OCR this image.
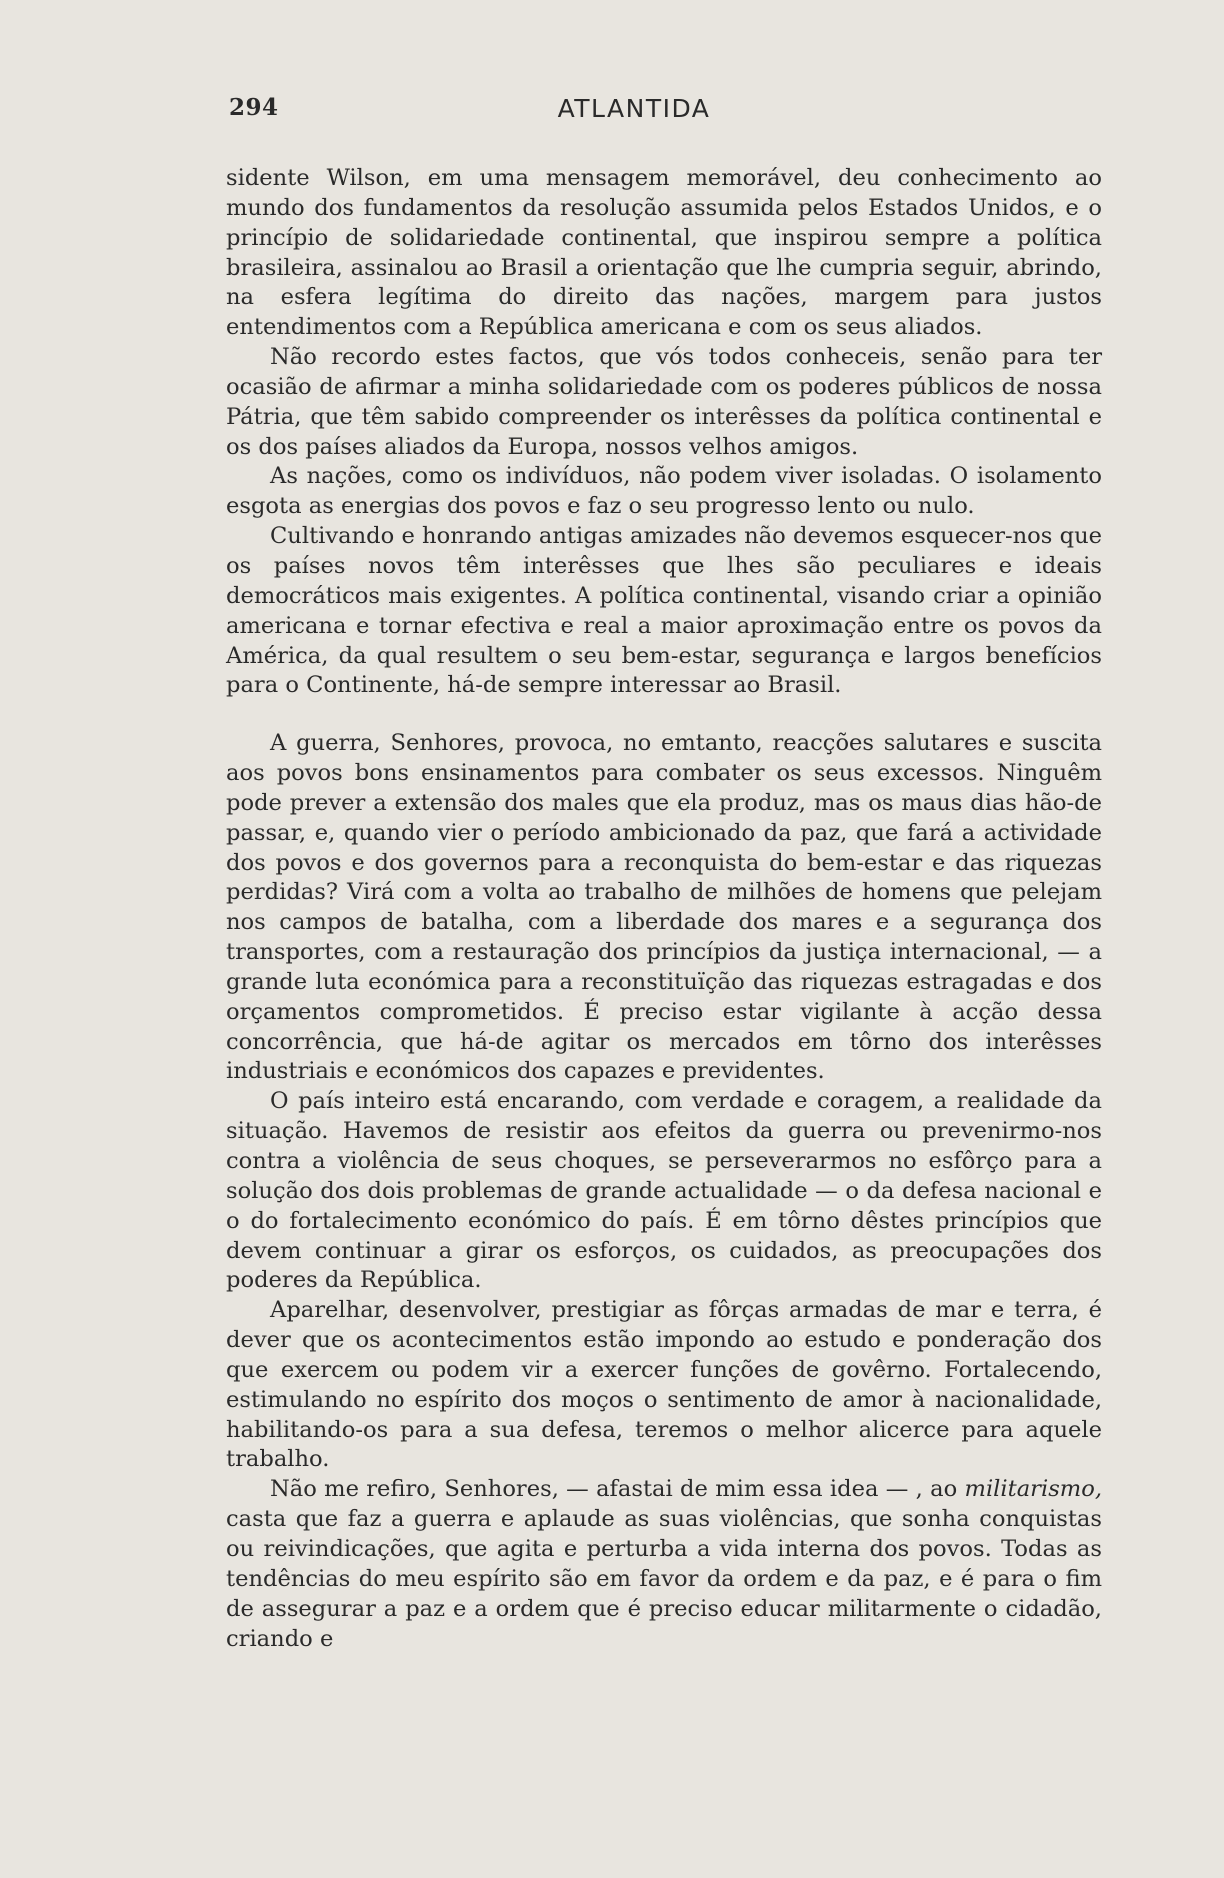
294	ATLANTIDA

sidente Wilson, em uma mensagem memorável, deu conhecimento ao mundo dos fundamentos da resolução assumida pelos Estados Unidos, e o princípio de solidariedade continental, que inspirou sempre a política brasileira, assinalou ao Brasil a orientação que lhe cumpria seguir, abrindo, na esfera legítima do direito das nações, margem para justos entendimentos com a República americana e com os seus aliados.

Não recordo estes factos, que vós todos conheceis, senão para ter ocasião de afirmar a minha solidariedade com os poderes públicos de nossa Pátria, que têm sabido compreender os interêsses da política continental e os dos países aliados da Europa, nossos velhos amigos.

As nações, como os indivíduos, não podem viver isoladas. O isolamento esgota as energias dos povos e faz o seu progresso lento ou nulo.

Cultivando e honrando antigas amizades não devemos esquecer-nos que os países novos têm interêsses que lhes são peculiares e ideais democráticos mais exigentes. A política continental, visando criar a opinião americana e tornar efectiva e real a maior aproximação entre os povos da América, da qual resultem o seu bem-estar, segurança e largos benefícios para o Continente, há-de sempre interessar ao Brasil.

A guerra, Senhores, provoca, no emtanto, reacções salutares e suscita aos povos bons ensinamentos para combater os seus excessos. Ninguêm pode prever a extensão dos males que ela produz, mas os maus dias hão-de passar, e, quando vier o período ambicionado da paz, que fará a actividade dos povos e dos governos para a reconquista do bem-estar e das riquezas perdidas? Virá com a volta ao trabalho de milhões de homens que pelejam nos campos de batalha, com a liberdade dos mares e a segurança dos transportes, com a restauração dos princípios da justiça internacional, — a grande luta económica para a reconstituïção das riquezas estragadas e dos orçamentos comprometidos. É preciso estar vigilante à acção dessa concorrência, que há-de agitar os mercados em tôrno dos interêsses industriais e económicos dos capazes e previdentes.

O país inteiro está encarando, com verdade e coragem, a realidade da situação. Havemos de resistir aos efeitos da guerra ou prevenirmo-nos contra a violência de seus choques, se perseverarmos no esfôrço para a solução dos dois problemas de grande actualidade — o da defesa nacional e o do fortalecimento económico do país. É em tôrno dêstes princípios que devem continuar a girar os esforços, os cuidados, as preocupações dos poderes da República.

Aparelhar, desenvolver, prestigiar as fôrças armadas de mar e terra, é dever que os acontecimentos estão impondo ao estudo e ponderação dos que exercem ou podem vir a exercer funções de govêrno. Fortalecendo, estimulando no espírito dos moços o sentimento de amor à nacionalidade, habilitando-os para a sua defesa, teremos o melhor alicerce para aquele trabalho.

Não me refiro, Senhores, — afastai de mim essa idea — , ao militarismo, casta que faz a guerra e aplaude as suas violências, que sonha conquistas ou reivindicações, que agita e perturba a vida interna dos povos. Todas as tendências do meu espírito são em favor da ordem e da paz, e é para o fim de assegurar a paz e a ordem que é preciso educar militarmente o cidadão, criando e
